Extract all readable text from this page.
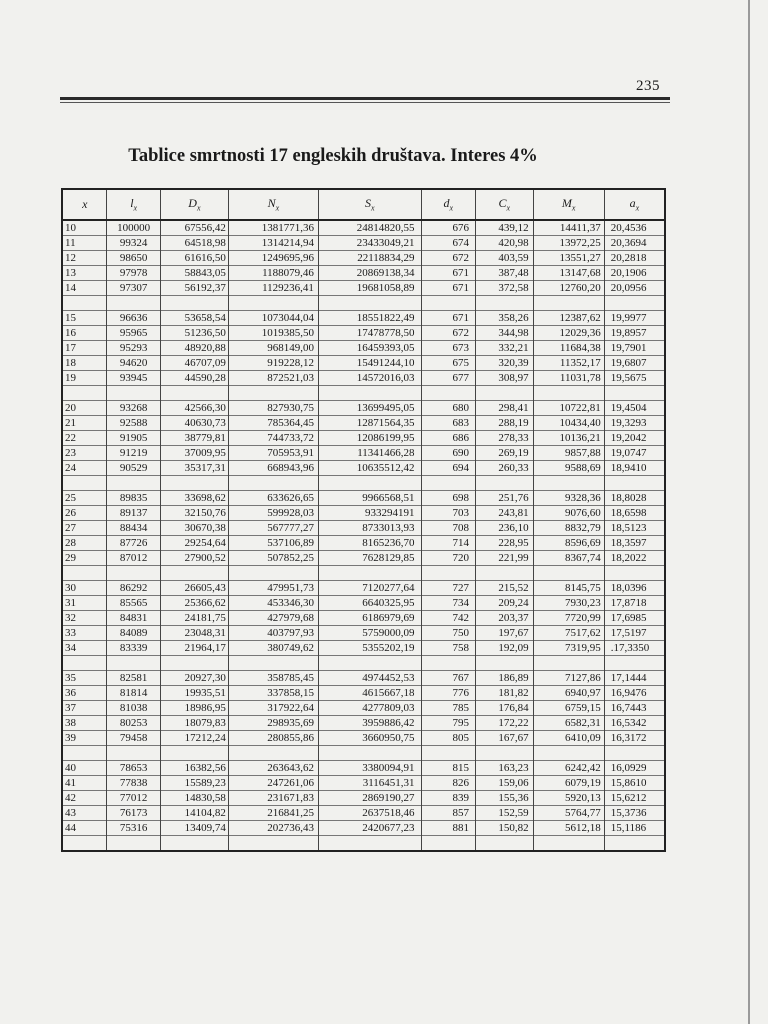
235
Tablice smrtnosti 17 engleskih društava. Interes 4%
x	$l_x$	$D_x$	$N_x$	$S_x$	$d_x$	$C_x$	$M_x$	$a_x$
10	100000	67556,42	1381771,36	24814820,55	676	439,12	14411,37	20,4536
11	99324	64518,98	1314214,94	23433049,21	674	420,98	13972,25	20,3694
12	98650	61616,50	1249695,96	22118834,29	672	403,59	13551,27	20,2818
13	97978	58843,05	1188079,46	20869138,34	671	387,48	13147,68	20,1906
14	97307	56192,37	1129236,41	19681058,89	671	372,58	12760,20	20,0956

15	96636	53658,54	1073044,04	18551822,49	671	358,26	12387,62	19,9977
16	95965	51236,50	1019385,50	17478778,50	672	344,98	12029,36	19,8957
17	95293	48920,88	968149,00	16459393,05	673	332,21	11684,38	19,7901
18	94620	46707,09	919228,12	15491244,10	675	320,39	11352,17	19,6807
19	93945	44590,28	872521,03	14572016,03	677	308,97	11031,78	19,5675

20	93268	42566,30	827930,75	13699495,05	680	298,41	10722,81	19,4504
21	92588	40630,73	785364,45	12871564,35	683	288,19	10434,40	19,3293
22	91905	38779,81	744733,72	12086199,95	686	278,33	10136,21	19,2042
23	91219	37009,95	705953,91	11341466,28	690	269,19	9857,88	19,0747
24	90529	35317,31	668943,96	10635512,42	694	260,33	9588,69	18,9410

25	89835	33698,62	633626,65	9966568,51	698	251,76	9328,36	18,8028
26	89137	32150,76	599928,03	933294191	703	243,81	9076,60	18,6598
27	88434	30670,38	567777,27	8733013,93	708	236,10	8832,79	18,5123
28	87726	29254,64	537106,89	8165236,70	714	228,95	8596,69	18,3597
29	87012	27900,52	507852,25	7628129,85	720	221,99	8367,74	18,2022

30	86292	26605,43	479951,73	7120277,64	727	215,52	8145,75	18,0396
31	85565	25366,62	453346,30	6640325,95	734	209,24	7930,23	17,8718
32	84831	24181,75	427979,68	6186979,69	742	203,37	7720,99	17,6985
33	84089	23048,31	403797,93	5759000,09	750	197,67	7517,62	17,5197
34	83339	21964,17	380749,62	5355202,19	758	192,09	7319,95	.17,3350

35	82581	20927,30	358785,45	4974452,53	767	186,89	7127,86	17,1444
36	81814	19935,51	337858,15	4615667,18	776	181,82	6940,97	16,9476
37	81038	18986,95	317922,64	4277809,03	785	176,84	6759,15	16,7443
38	80253	18079,83	298935,69	3959886,42	795	172,22	6582,31	16,5342
39	79458	17212,24	280855,86	3660950,75	805	167,67	6410,09	16,3172

40	78653	16382,56	263643,62	3380094,91	815	163,23	6242,42	16,0929
41	77838	15589,23	247261,06	3116451,31	826	159,06	6079,19	15,8610
42	77012	14830,58	231671,83	2869190,27	839	155,36	5920,13	15,6212
43	76173	14104,82	216841,25	2637518,46	857	152,59	5764,77	15,3736
44	75316	13409,74	202736,43	2420677,23	881	150,82	5612,18	15,1186
